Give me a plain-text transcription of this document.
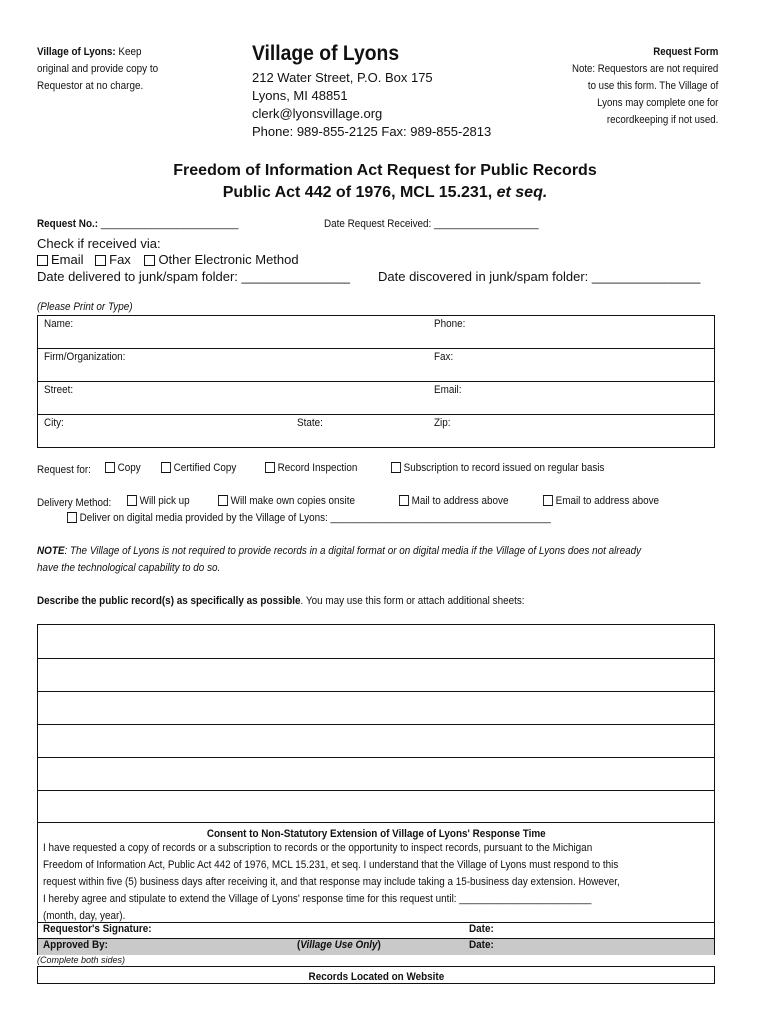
Village of Lyons: Keep
original and provide copy to
Requestor at no charge.
Village of Lyons
212 Water Street, P.O. Box 175
Lyons, MI 48851
clerk@lyonsvillage.org
Phone: 989-855-2125 Fax: 989-855-2813
Request Form
Note: Requestors are not required
to use this form. The Village of
Lyons may complete one for
recordkeeping if not used.
Freedom of Information Act Request for Public Records
Public Act 442 of 1976, MCL 15.231, et seq.
Request No.: _________________________	Date Request Received: ___________________
Check if received via:
Email Fax Other Electronic Method
Date delivered to junk/spam folder: _______________ Date discovered in junk/spam folder: _______________
(Please Print or Type)
Name:	Phone:
Firm/Organization:	Fax:
Street:	Email:
City:	State:	Zip:
Request for:	Copy	Certified Copy	Record Inspection	Subscription to record issued on regular basis
Delivery Method:	Will pick up	Will make own copies onsite	Mail to address above	Email to address above
Deliver on digital media provided by the Village of Lyons: ________________________________________
NOTE: The Village of Lyons is not required to provide records in a digital format or on digital media if the Village of Lyons does not already
have the technological capability to do so.
Describe the public record(s) as specifically as possible. You may use this form or attach additional sheets:
Consent to Non-Statutory Extension of Village of Lyons' Response Time
I have requested a copy of records or a subscription to records or the opportunity to inspect records, pursuant to the Michigan
Freedom of Information Act, Public Act 442 of 1976, MCL 15.231, et seq. I understand that the Village of Lyons must respond to this
request within five (5) business days after receiving it, and that response may include taking a 15-business day extension. However,
I hereby agree and stipulate to extend the Village of Lyons' response time for this request until: ________________________
(month, day, year).
Requestor's Signature:	Date:
Approved By:	(Village Use Only)	Date:
(Complete both sides)
Records Located on Website
